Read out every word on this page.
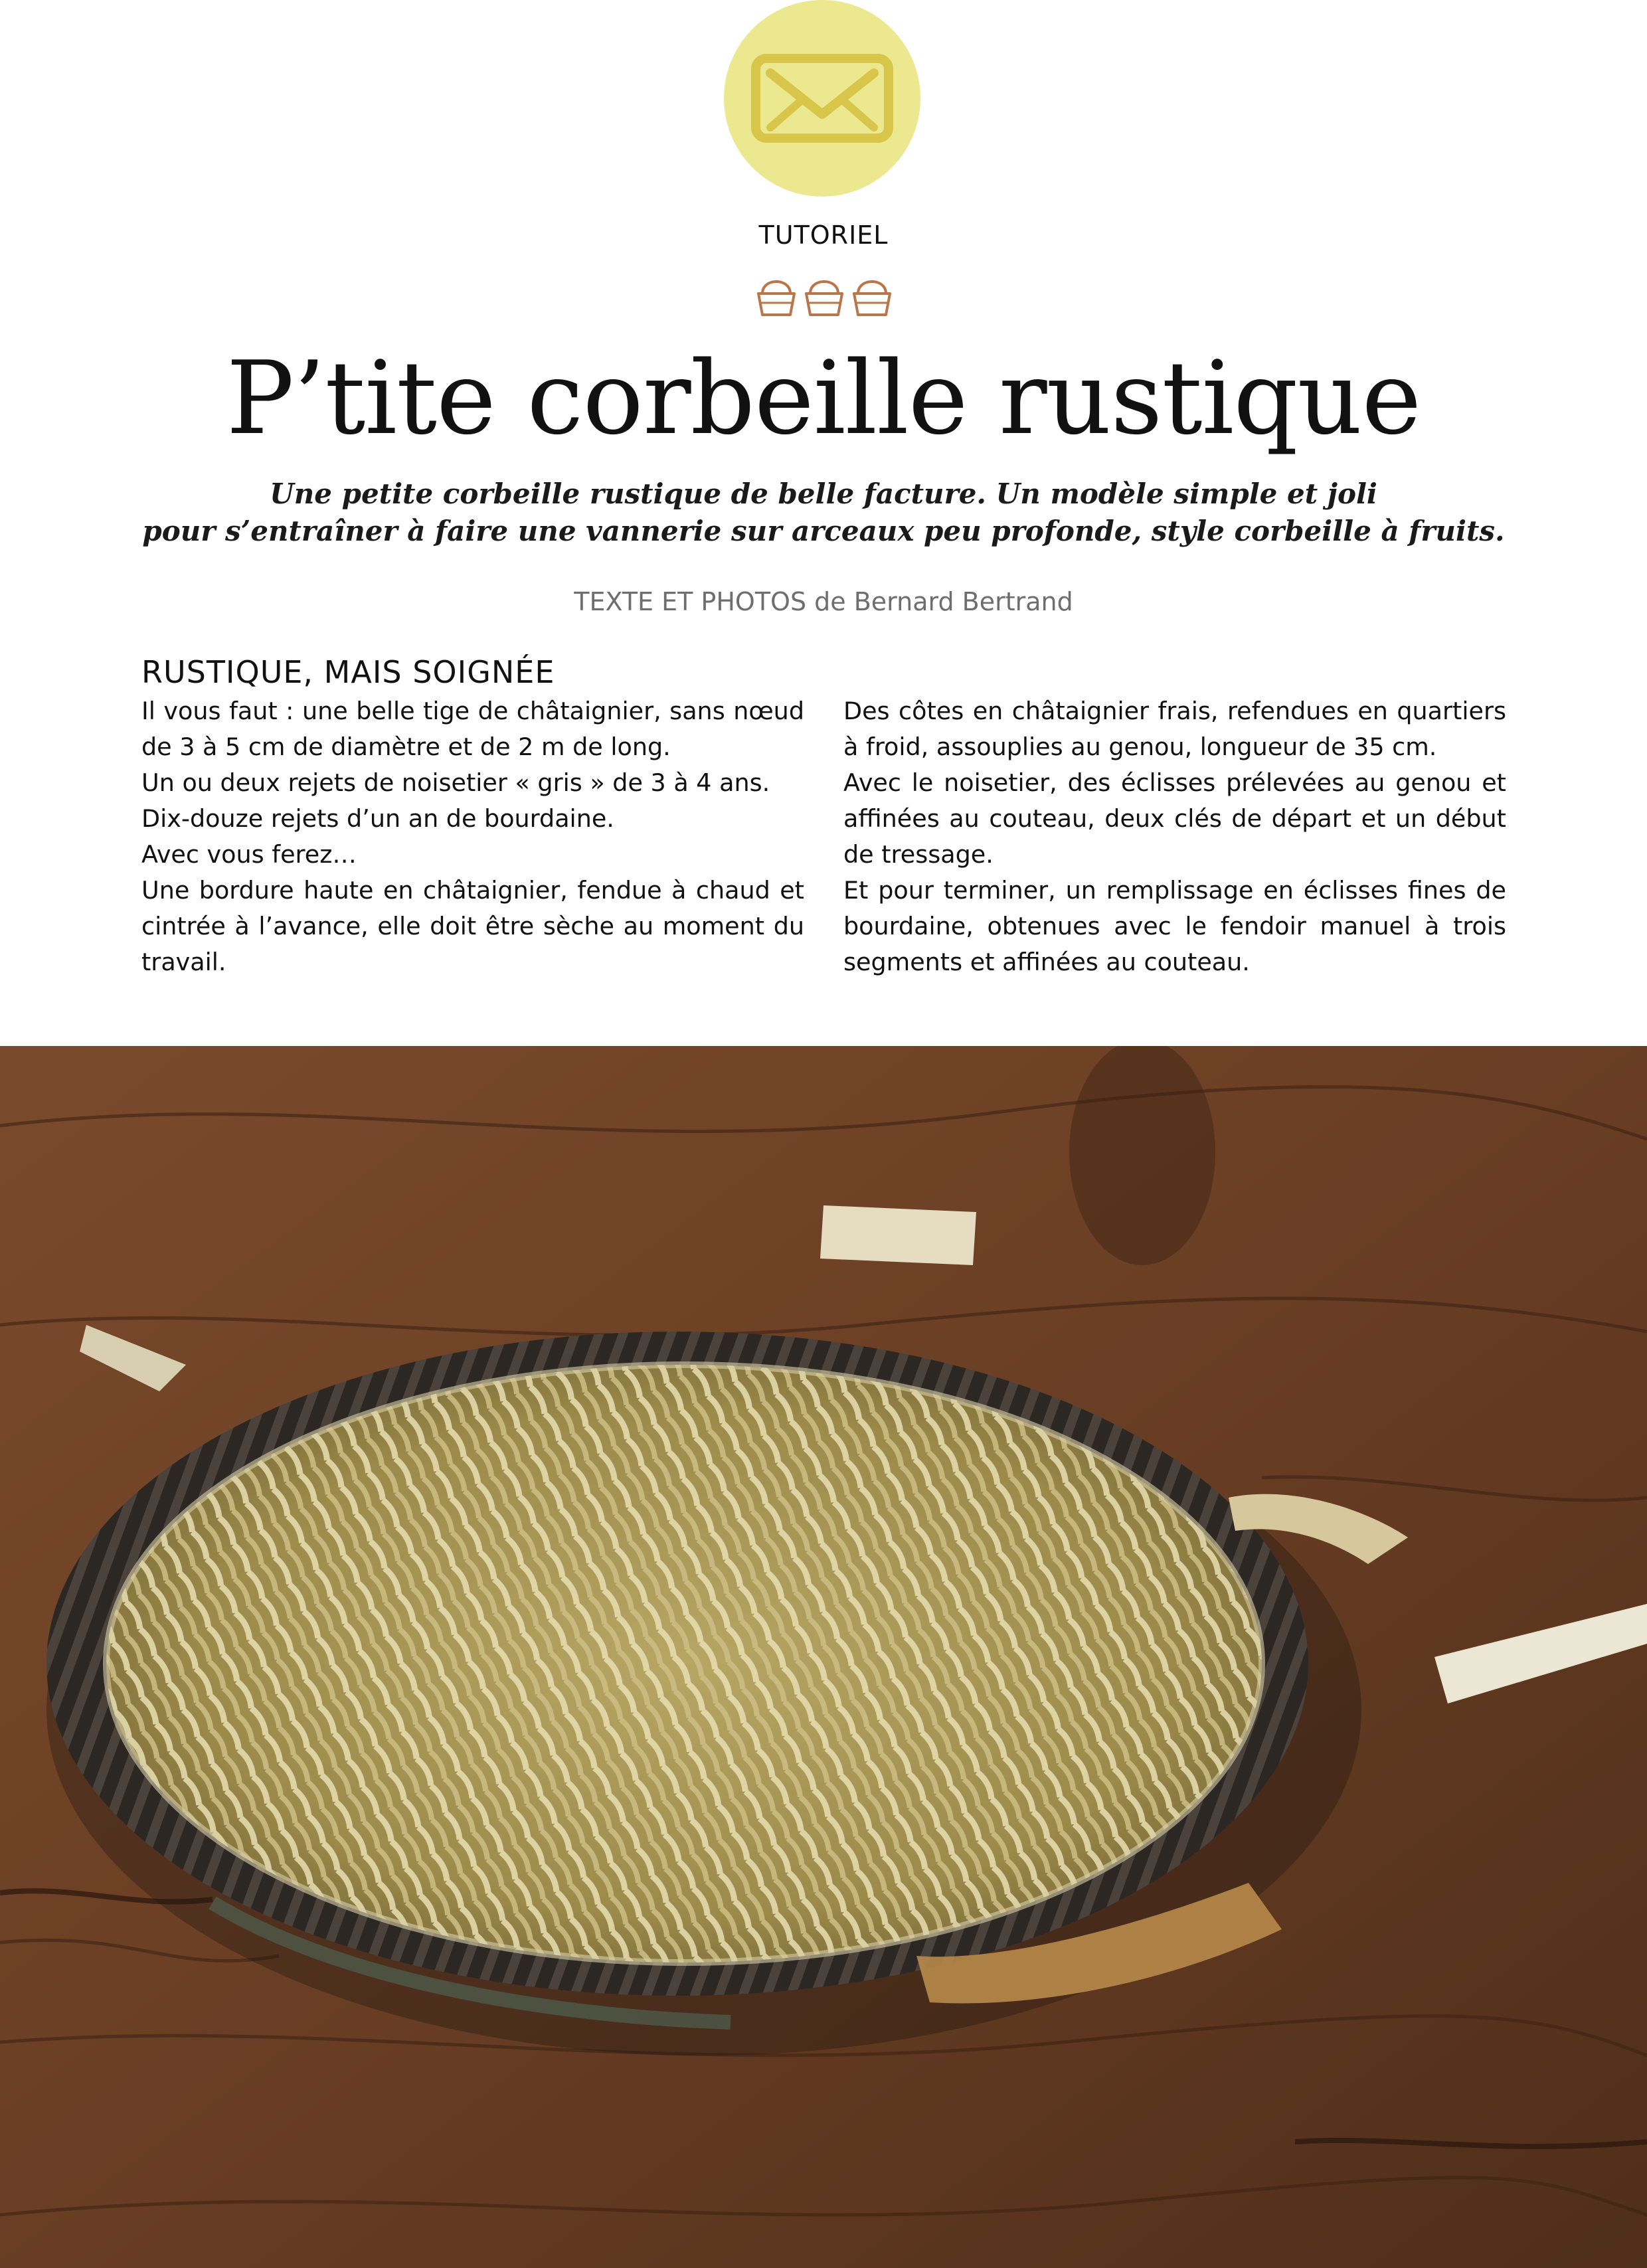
TUTORIEL
P’tite corbeille rustique
Une petite corbeille rustique de belle facture. Un modèle simple et joli
pour s’entraîner à faire une vannerie sur arceaux peu profonde, style corbeille à fruits.
TEXTE ET PHOTOS de Bernard Bertrand
RUSTIQUE, MAIS SOIGNÉE

Il vous faut : une belle tige de châtaignier, sans nœud de 3 à 5 cm de diamètre et de 2 m de long.

Un ou deux rejets de noisetier « gris » de 3 à 4 ans.

Dix-douze rejets d’un an de bourdaine.

Avec vous ferez…

Une bordure haute en châtaignier, fendue à chaud et cintrée à l’avance, elle doit être sèche au moment du travail.

Des côtes en châtaignier frais, refendues en quartiers à froid, assouplies au genou, longueur de 35 cm.

Avec le noisetier, des éclisses prélevées au genou et affinées au couteau, deux clés de départ et un début de tressage.

Et pour terminer, un remplissage en éclisses fines de bourdaine, obtenues avec le fendoir manuel à trois segments et affinées au couteau.
